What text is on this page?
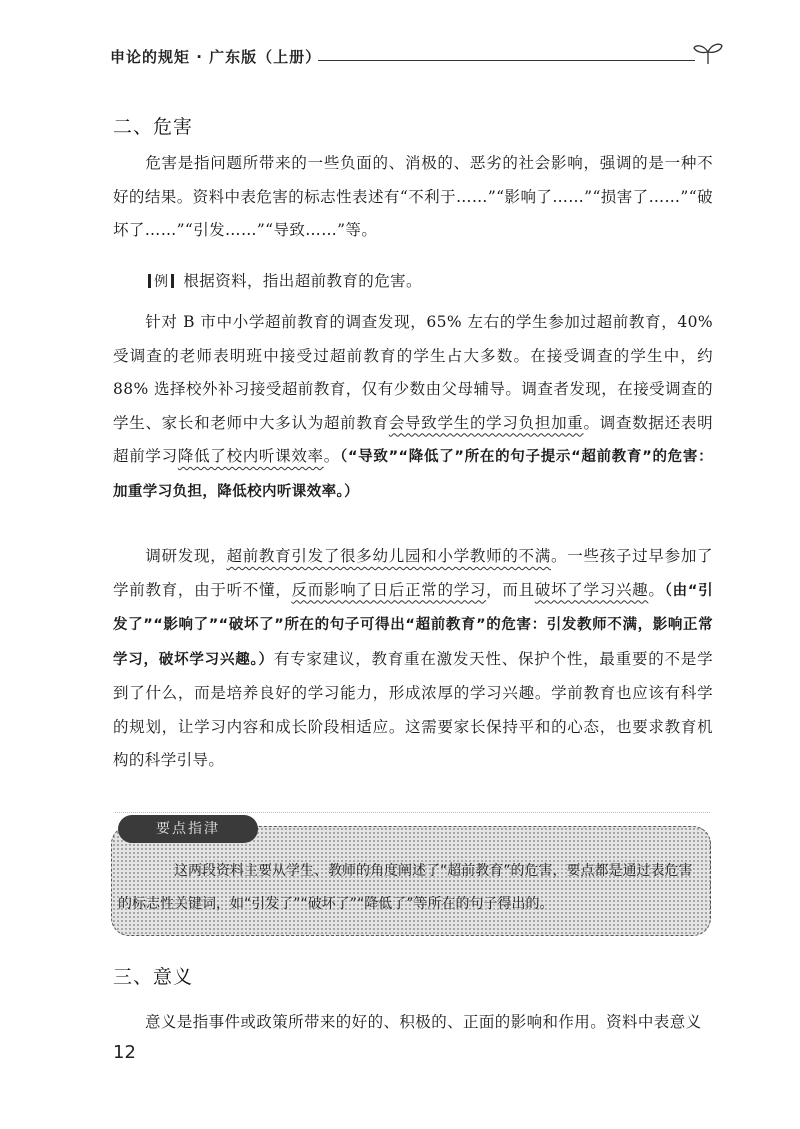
申论的规矩 · 广东版（上册）
二、危害

危害是指问题所带来的一些负面的、消极的、恶劣的社会影响，强调的是一种不好的结果。资料中表危害的标志性表述有“不利于……”“影响了……”“损害了……”“破坏了……”“引发……”“导致……”等。

例 根据资料，指出超前教育的危害。

针对 B 市中小学超前教育的调查发现，65% 左右的学生参加过超前教育，40% 受调查的老师表明班中接受过超前教育的学生占大多数。在接受调查的学生中，约 88% 选择校外补习接受超前教育，仅有少数由父母辅导。调查者发现，在接受调查的学生、家长和老师中大多认为超前教育会导致学生的学习负担加重。调查数据还表明超前学习降低了校内听课效率。（“导致”“降低了”所在的句子提示“超前教育”的危害：加重学习负担，降低校内听课效率。）

调研发现，超前教育引发了很多幼儿园和小学教师的不满。一些孩子过早参加了学前教育，由于听不懂，反而影响了日后正常的学习，而且破坏了学习兴趣。（由“引发了”“影响了”“破坏了”所在的句子可得出“超前教育”的危害：引发教师不满，影响正常学习，破坏学习兴趣。）有专家建议，教育重在激发天性、保护个性，最重要的不是学到了什么，而是培养良好的学习能力，形成浓厚的学习兴趣。学前教育也应该有科学的规划，让学习内容和成长阶段相适应。这需要家长保持平和的心态，也要求教育机构的科学引导。

要点指津

这两段资料主要从学生、教师的角度阐述了“超前教育”的危害，要点都是通过表危害的标志性关键词，如“引发了”“破坏了”“降低了”等所在的句子得出的。

三、意义

意义是指事件或政策所带来的好的、积极的、正面的影响和作用。资料中表意义

12
